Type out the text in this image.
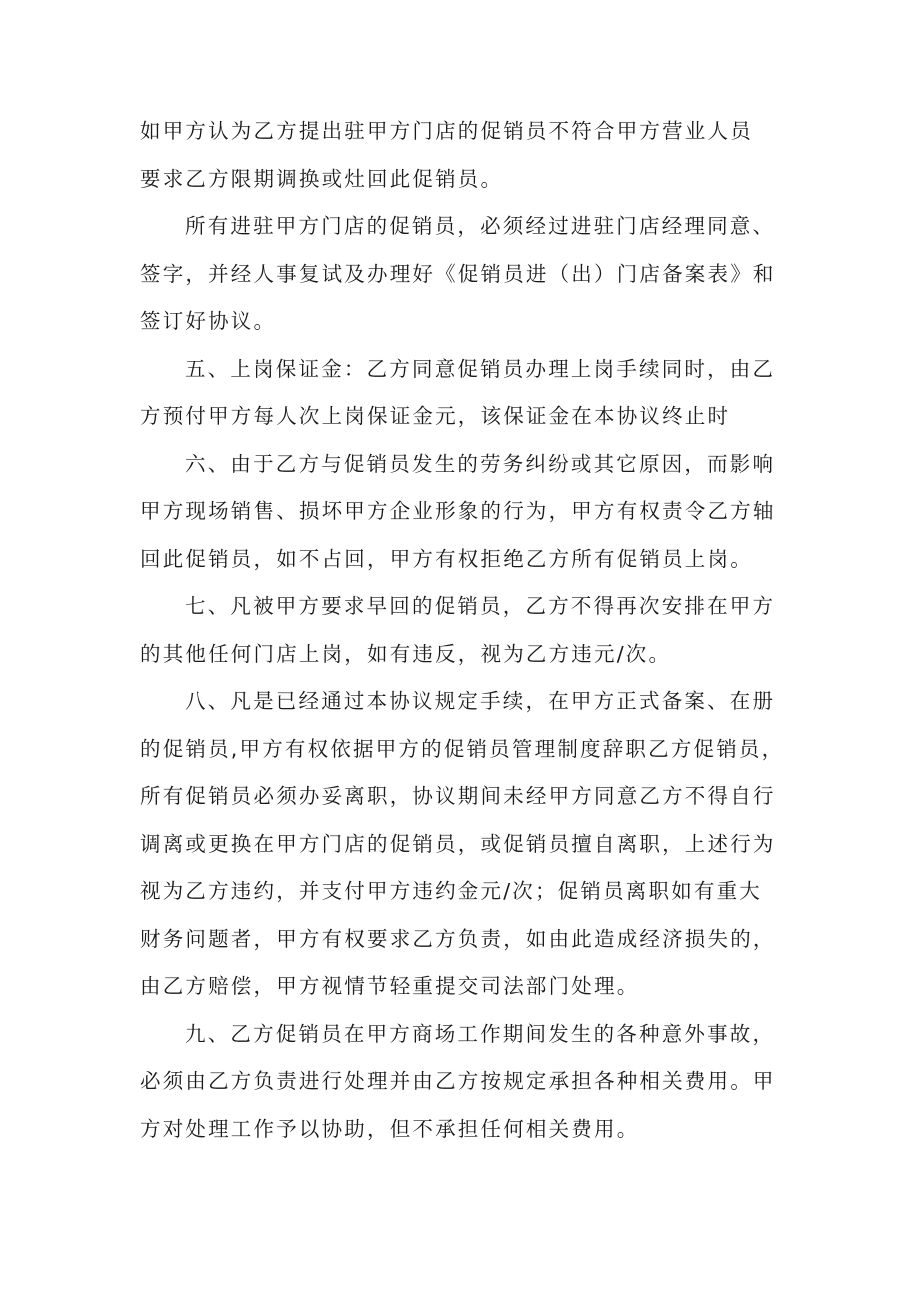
如甲方认为乙方提出驻甲方门店的促销员不符合甲方营业人员
要求乙方限期调换或灶回此促销员。

所有进驻甲方门店的促销员，必须经过进驻门店经理同意、
签字，并经人事复试及办理好《促销员进（出）门店备案表》和
签订好协议。

五、上岗保证金：乙方同意促销员办理上岗手续同时，由乙
方预付甲方每人次上岗保证金元，该保证金在本协议终止时

六、由于乙方与促销员发生的劳务纠纷或其它原因，而影响
甲方现场销售、损坏甲方企业形象的行为，甲方有权责令乙方轴
回此促销员，如不占回，甲方有权拒绝乙方所有促销员上岗。

七、凡被甲方要求早回的促销员，乙方不得再次安排在甲方
的其他任何门店上岗，如有违反，视为乙方违元/次。

八、凡是已经通过本协议规定手续，在甲方正式备案、在册
的促销员,甲方有权依据甲方的促销员管理制度辞职乙方促销员，
所有促销员必须办妥离职，协议期间未经甲方同意乙方不得自行
调离或更换在甲方门店的促销员，或促销员擅自离职，上述行为
视为乙方违约，并支付甲方违约金元/次；促销员离职如有重大
财务问题者，甲方有权要求乙方负责，如由此造成经济损失的，
由乙方赔偿，甲方视情节轻重提交司法部门处理。

九、乙方促销员在甲方商场工作期间发生的各种意外事故，
必须由乙方负责进行处理并由乙方按规定承担各种相关费用。甲
方对处理工作予以协助，但不承担任何相关费用。
